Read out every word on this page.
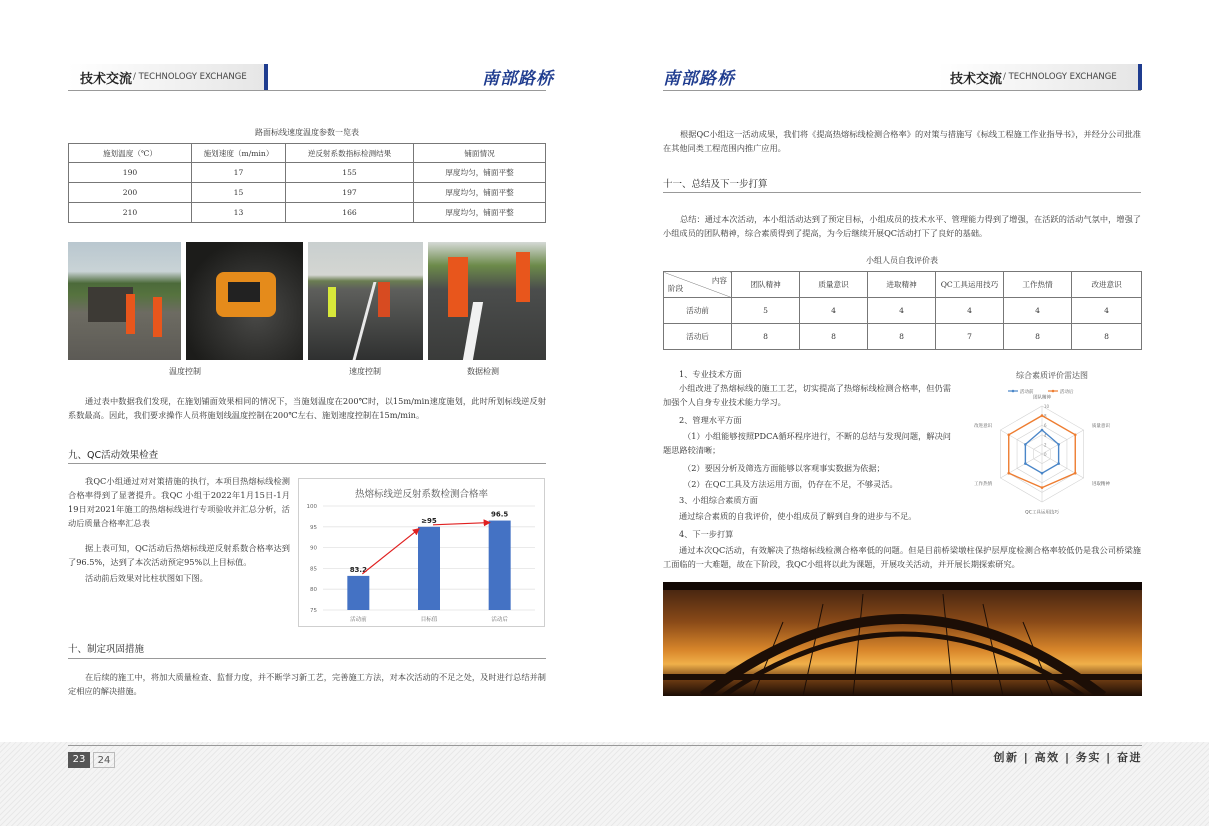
技术交流 / TECHNOLOGY EXCHANGE	南部路桥
路面标线速度温度参数一览表
施划温度（℃）	施划速度（m/min）	逆反射系数指标检测结果	铺面情况
190	17	155	厚度均匀，铺面平整
200	15	197	厚度均匀，铺面平整
210	13	166	厚度均匀，铺面平整
温度控制	速度控制	数据检测
通过表中数据我们发现，在施划铺面效果相同的情况下，当施划温度在200℃时，以15m/min速度施划，此时所划标线逆反射系数最高。因此，我们要求操作人员将施划线温度控制在200℃左右、施划速度控制在15m/min。
九、QC活动效果检查
我QC小组通过对对策措施的执行，本项目热熔标线检测合格率得到了显著提升。我QC 小组于2022年1月15日-1月19日对2021年施工的热熔标线进行专项验收并汇总分析，活动后质量合格率汇总表
据上表可知，QC活动后热熔标线逆反射系数合格率达到了96.5%，达到了本次活动预定95%以上目标值。
活动前后效果对比柱状图如下图。
热熔标线逆反射系数检测合格率
100
95
90
85
80
75
83.2
活动前
≥95
目标值
96.5
活动后
十、制定巩固措施
在后续的施工中，将加大质量检查、监督力度，并不断学习新工艺，完善施工方法，对本次活动的不足之处，及时进行总结并制定相应的解决措施。
南部路桥	技术交流 / TECHNOLOGY EXCHANGE
根据QC小组这一活动成果，我们将《提高热熔标线检测合格率》的对策与措施写《标线工程施工作业指导书》，并经分公司批准在其他同类工程范围内推广应用。
十一、总结及下一步打算
总结：通过本次活动，本小组活动达到了预定目标，小组成员的技术水平、管理能力得到了增强，在活跃的活动气氛中，增强了小组成员的团队精神，综合素质得到了提高，为今后继续开展QC活动打下了良好的基础。
小组人员自我评价表
内容
阶段	团队精神	质量意识	进取精神	QC工具运用技巧	工作热情	改进意识
活动前	5	4	4	4	4	4
活动后	8	8	8	7	8	8
1、专业技术方面
小组改进了热熔标线的施工工艺，切实提高了热熔标线检测合格率，但仍需加强个人自身专业技术能力学习。
2、管理水平方面
（1）小组能够按照PDCA循环程序进行，不断的总结与发现问题，解决问题思路较清晰；
（2）要因分析及筛选方面能够以客观事实数据为依据；
（2）在QC工具及方法运用方面，仍存在不足，不够灵活。
3、小组综合素质方面
通过综合素质的自我评价，使小组成员了解到自身的进步与不足。
4、下一步打算
通过本次QC活动，有效解决了热熔标线检测合格率低的问题。但是目前桥梁墩柱保护层厚度检测合格率较低仍是我公司桥梁施工面临的一大难题，故在下阶段，我QC小组将以此为课题，开展攻关活动，并开展长期探索研究。
综合素质评价雷达图
团队精神
质量意识
进取精神
QC工具运用技巧
工作热情
改进意识
10
8
6
4
2
0
活动前	活动后
23	24	创新 | 高效 | 务实 | 奋进
